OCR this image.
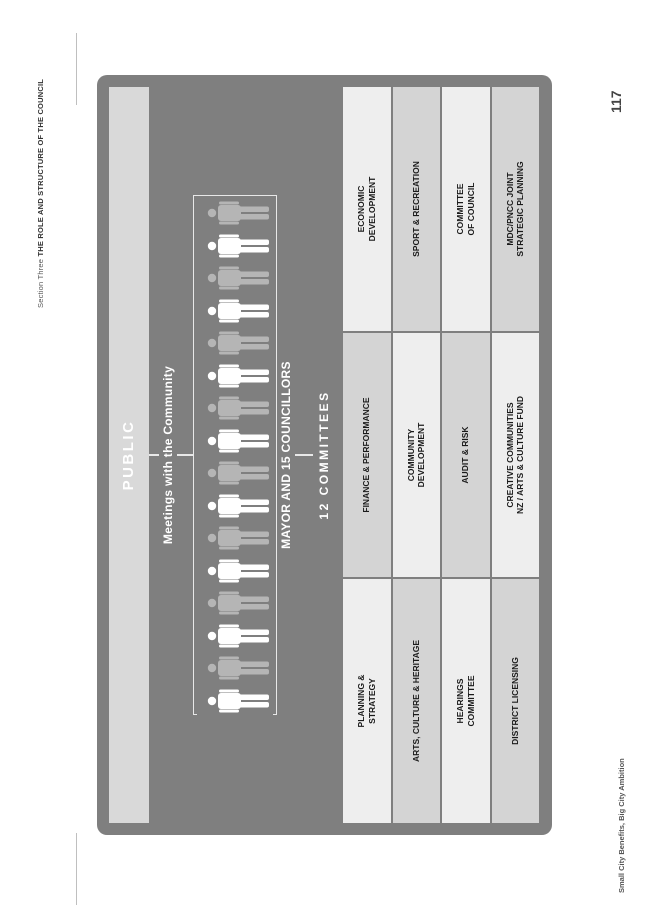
Section Three THE ROLE AND STRUCTURE OF THE COUNCIL	117
Small City Benefits, Big City Ambition
PUBLIC	Meetings with the Community	MAYOR AND 15 COUNCILLORS 12 COMMITTEES
PLANNING &
STRATEGY
FINANCE & PERFORMANCE
ECONOMIC
DEVELOPMENT
ARTS, CULTURE & HERITAGE
COMMUNITY
DEVELOPMENT
SPORT & RECREATION
HEARINGS
COMMITTEE
AUDIT & RISK
COMMITTEE
OF COUNCIL
DISTRICT LICENSING
CREATIVE COMMUNITIES
NZ / ARTS & CULTURE FUND
MDC/PNCC JOINT
STRATEGIC PLANNING
